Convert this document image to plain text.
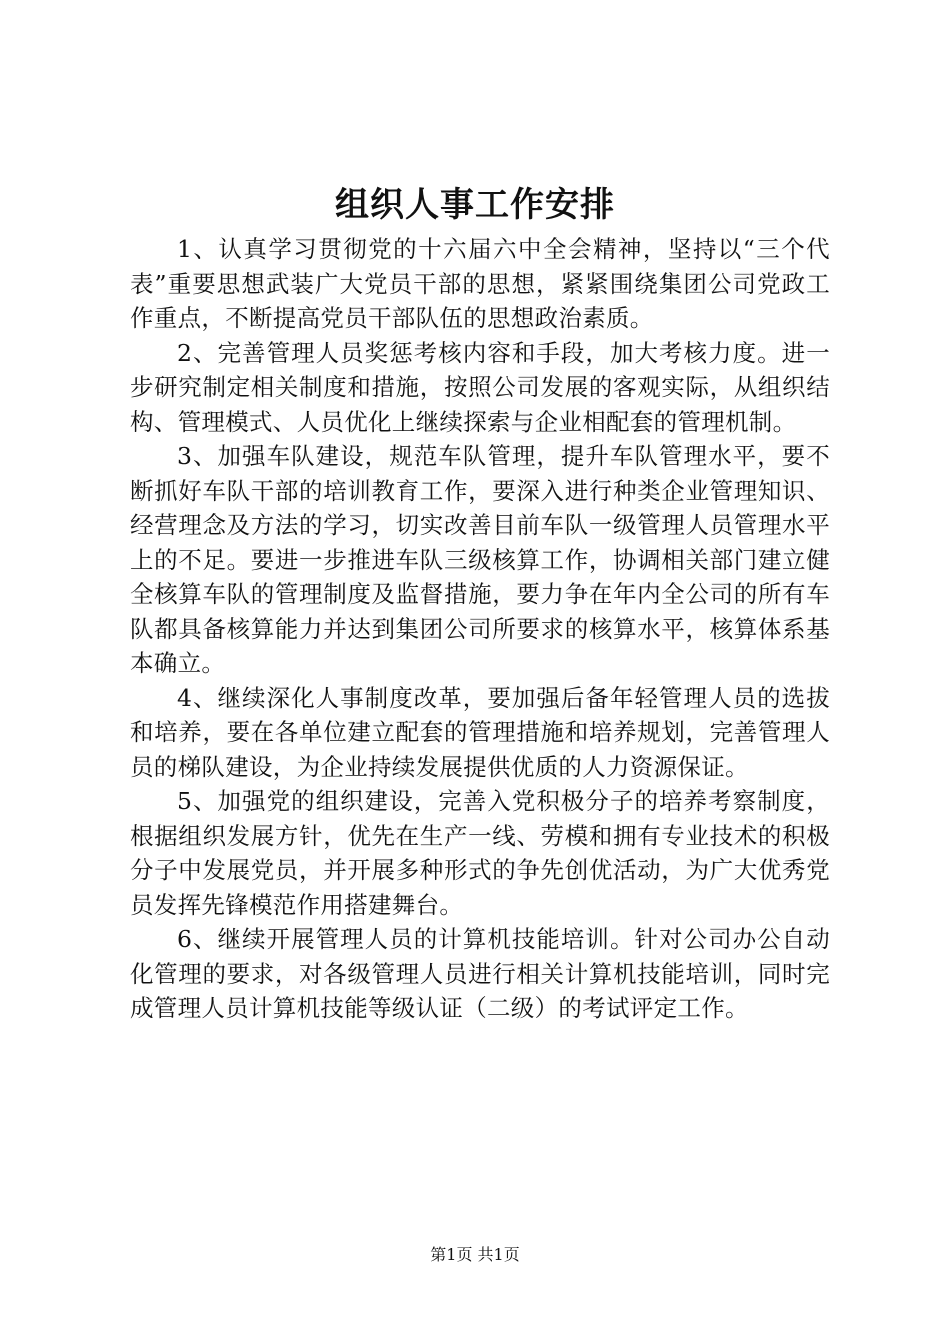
组织人事工作安排

1、认真学习贯彻党的十六届六中全会精神，坚持以“三个代表”重要思想武装广大党员干部的思想，紧紧围绕集团公司党政工作重点，不断提高党员干部队伍的思想政治素质。

2、完善管理人员奖惩考核内容和手段，加大考核力度。进一步研究制定相关制度和措施，按照公司发展的客观实际，从组织结构、管理模式、人员优化上继续探索与企业相配套的管理机制。

3、加强车队建设，规范车队管理，提升车队管理水平，要不断抓好车队干部的培训教育工作，要深入进行种类企业管理知识、经营理念及方法的学习，切实改善目前车队一级管理人员管理水平上的不足。要进一步推进车队三级核算工作，协调相关部门建立健全核算车队的管理制度及监督措施，要力争在年内全公司的所有车队都具备核算能力并达到集团公司所要求的核算水平，核算体系基本确立。

4、继续深化人事制度改革，要加强后备年轻管理人员的选拔和培养，要在各单位建立配套的管理措施和培养规划，完善管理人员的梯队建设，为企业持续发展提供优质的人力资源保证。

5、加强党的组织建设，完善入党积极分子的培养考察制度，根据组织发展方针，优先在生产一线、劳模和拥有专业技术的积极分子中发展党员，并开展多种形式的争先创优活动，为广大优秀党员发挥先锋模范作用搭建舞台。

6、继续开展管理人员的计算机技能培训。针对公司办公自动化管理的要求，对各级管理人员进行相关计算机技能培训，同时完成管理人员计算机技能等级认证（二级）的考试评定工作。

第1页 共1页
